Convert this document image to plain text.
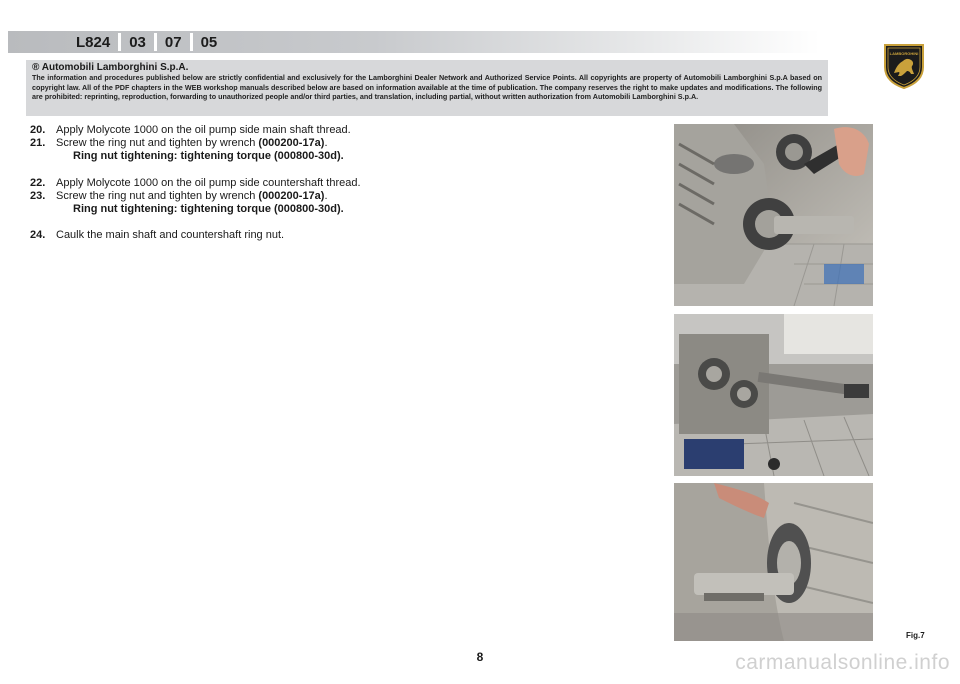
L824	03	07	05
LAMBORGHINI
® Automobili Lamborghini S.p.A.
The information and procedures published below are strictly confidential and exclusively for the Lamborghini Dealer Network and Authorized Service Points. All copyrights are property of Automobili Lamborghini S.p.A based on copyright law. All of the PDF chapters in the WEB workshop manuals described below are based on information available at the time of publication. The company reserves the right to make updates and modifications. The following are prohibited: reprinting, reproduction, forwarding to unauthorized people and/or third parties, and translation, including partial, without written authorization from Automobili Lamborghini S.p.A.
20. Apply Molycote 1000 on the oil pump side main shaft thread.
21. Screw the ring nut and tighten by wrench (000200-17a).
Ring nut tightening: tightening torque (000800-30d).
22. Apply Molycote 1000 on the oil pump side countershaft thread.
23. Screw the ring nut and tighten by wrench (000200-17a).
Ring nut tightening: tightening torque (000800-30d).
24. Caulk the main shaft and countershaft ring nut.
Fig.7
8	carmanualsonline.info
